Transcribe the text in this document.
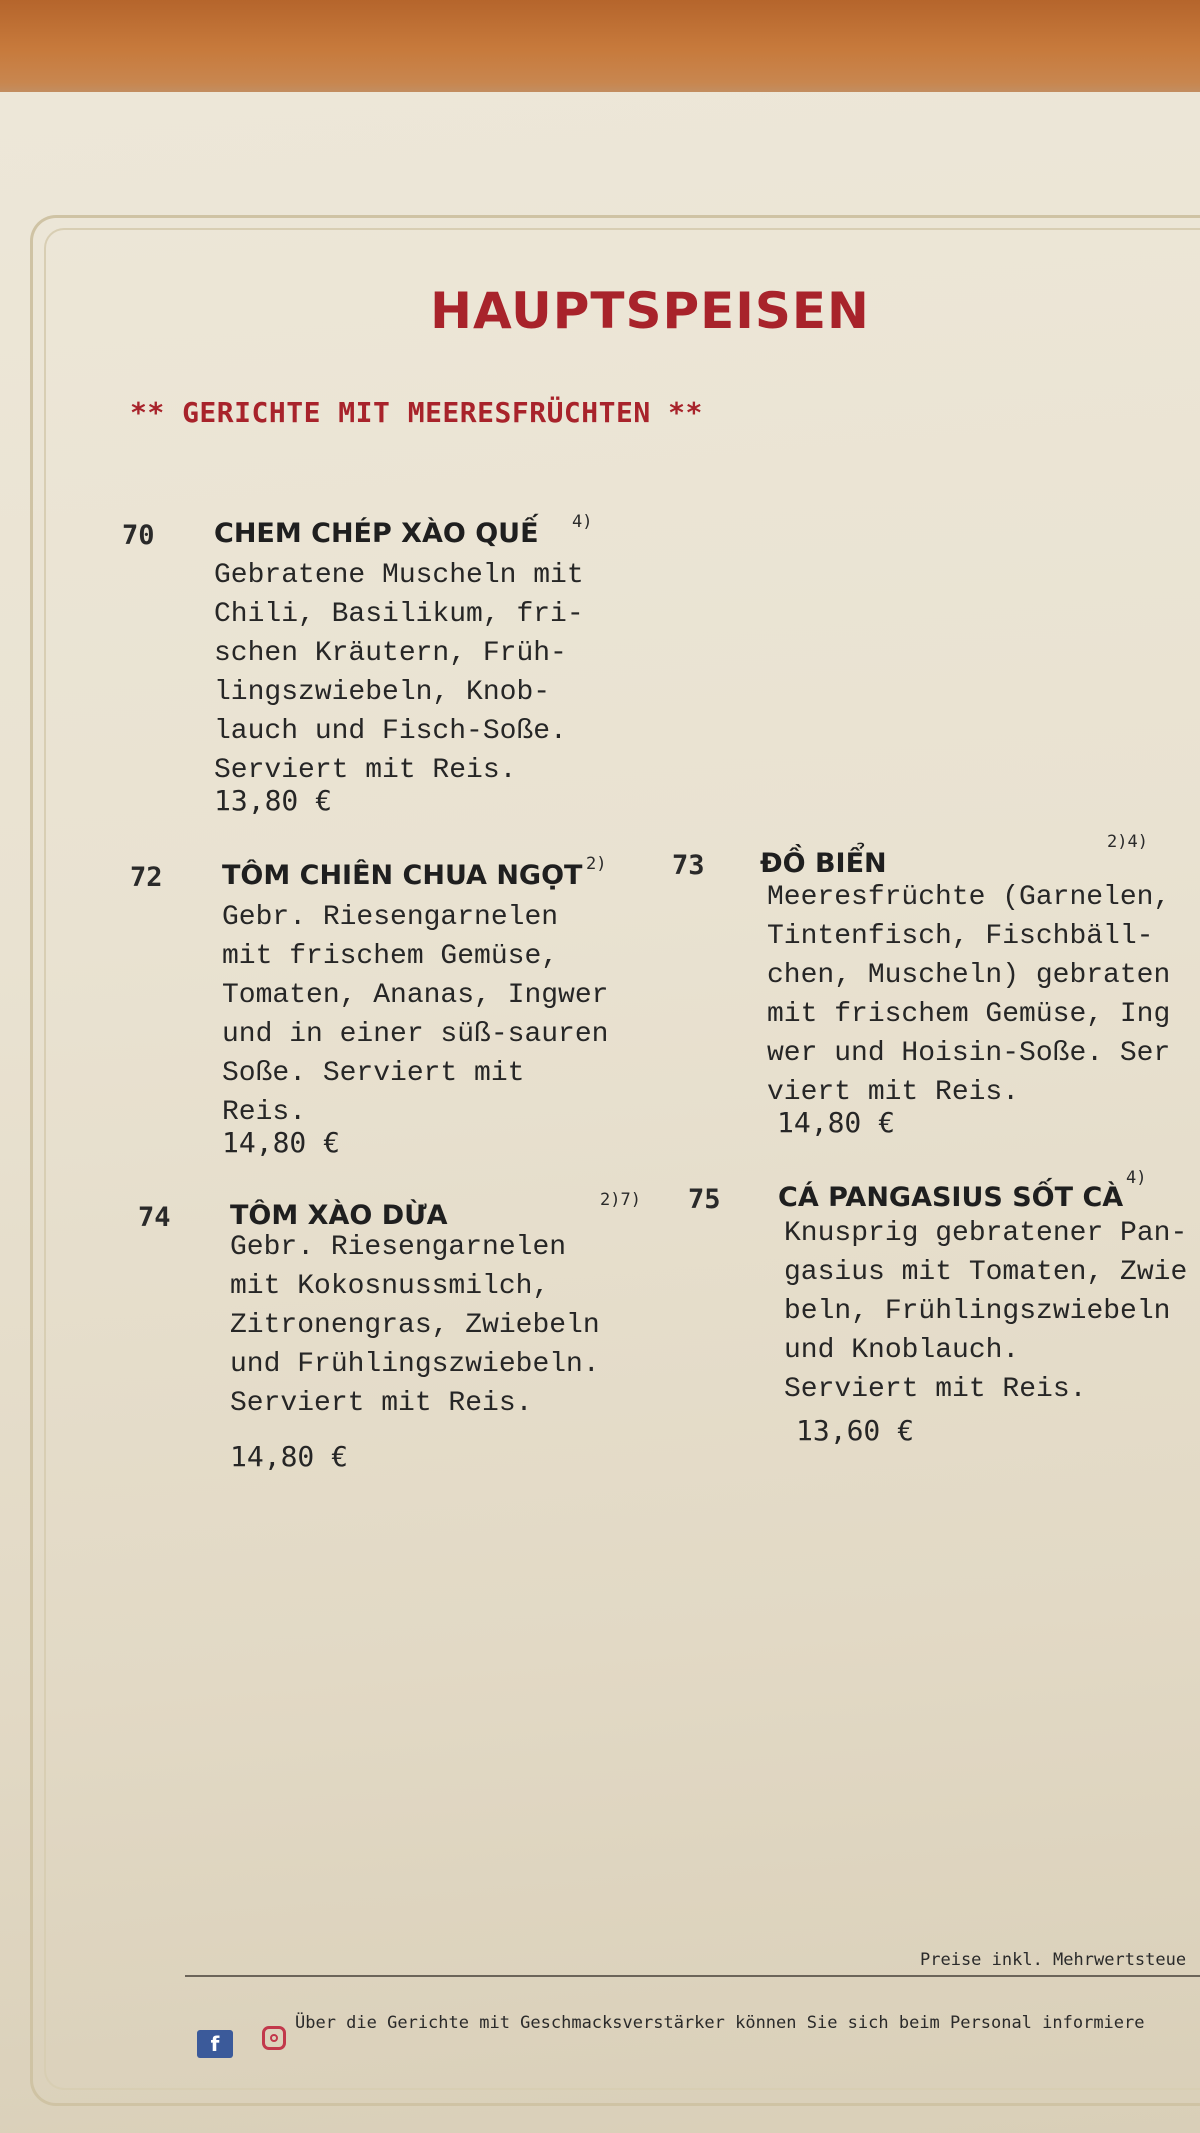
HAUPTSPEISEN
** GERICHTE MIT MEERESFRÜCHTEN **
70 CHEM CHÉP XÀO QUẾ 4)
Gebratene Muscheln mit
Chili, Basilikum, fri-
schen Kräutern, Früh-
lingszwiebeln, Knob-
lauch und Fisch-Soße.
Serviert mit Reis.
13,80 €
72 TÔM CHIÊN CHUA NGỌT 2)
Gebr. Riesengarnelen
mit frischem Gemüse,
Tomaten, Ananas, Ingwer
und in einer süß-sauren
Soße. Serviert mit
Reis.
14,80 €
73 ĐỒ BIỂN
2)4)
Meeresfrüchte (Garnelen,
Tintenfisch, Fischbäll-
chen, Muscheln) gebraten
mit frischem Gemüse, Ing
wer und Hoisin-Soße. Ser
viert mit Reis.
14,80 €
74 TÔM XÀO DỪA	2)7)
Gebr. Riesengarnelen
mit Kokosnussmilch,
Zitronengras, Zwiebeln
und Frühlingszwiebeln.
Serviert mit Reis.
14,80 €
75 CÁ PANGASIUS SỐT CÀ
4)
Knusprig gebratener Pan-
gasius mit Tomaten, Zwie
beln, Frühlingszwiebeln
und Knoblauch.
Serviert mit Reis.
13,60 €
Preise inkl. Mehrwertsteue
f
Über die Gerichte mit Geschmacksverstärker können Sie sich beim Personal informiere
